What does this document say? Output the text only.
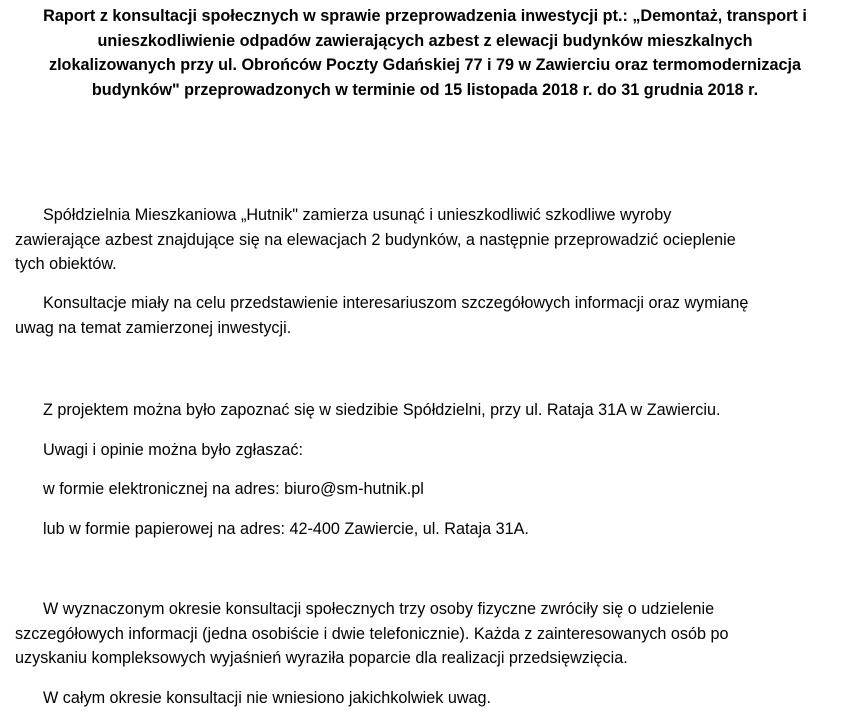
Raport z konsultacji społecznych w sprawie przeprowadzenia inwestycji pt.: „Demontaż, transport i
unieszkodliwienie odpadów zawierających azbest z elewacji budynków mieszkalnych
zlokalizowanych przy ul. Obrońców Poczty Gdańskiej 77 i 79 w Zawierciu oraz termomodernizacja
budynków" przeprowadzonych w terminie od 15 listopada 2018 r. do 31 grudnia 2018 r.

Spółdzielnia Mieszkaniowa „Hutnik" zamierza usunąć i unieszkodliwić szkodliwe wyroby
zawierające azbest znajdujące się na elewacjach 2 budynków, a następnie przeprowadzić ocieplenie
tych obiektów.

Konsultacje miały na celu przedstawienie interesariuszom szczegółowych informacji oraz wymianę
uwag na temat zamierzonej inwestycji.

Z projektem można było zapoznać się w siedzibie Spółdzielni, przy ul. Rataja 31A w Zawierciu.

Uwagi i opinie można było zgłaszać:

w formie elektronicznej na adres: biuro@sm-hutnik.pl

lub w formie papierowej na adres: 42-400 Zawiercie, ul. Rataja 31A.

W wyznaczonym okresie konsultacji społecznych trzy osoby fizyczne zwróciły się o udzielenie
szczegółowych informacji (jedna osobiście i dwie telefonicznie). Każda z zainteresowanych osób po
uzyskaniu kompleksowych wyjaśnień wyraziła poparcie dla realizacji przedsięwzięcia.

W całym okresie konsultacji nie wniesiono jakichkolwiek uwag.
